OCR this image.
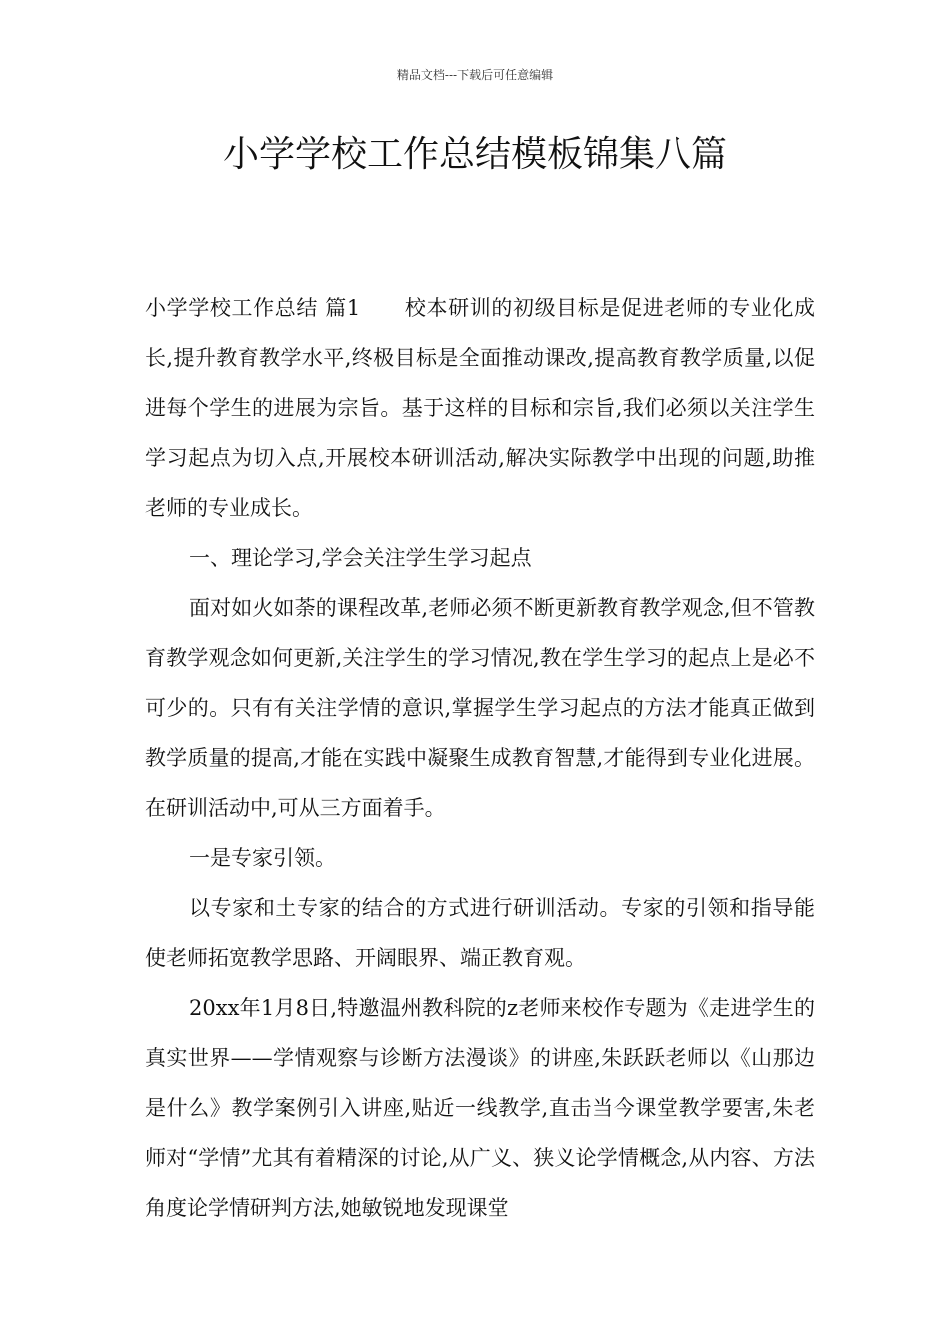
精品文档---下载后可任意编辑
小学学校工作总结模板锦集八篇

小学学校工作总结 篇1 校本研训的初级目标是促进老师的专业化成长,提升教育教学水平,终极目标是全面推动课改,提高教育教学质量,以促进每个学生的进展为宗旨。基于这样的目标和宗旨,我们必须以关注学生学习起点为切入点,开展校本研训活动,解决实际教学中出现的问题,助推老师的专业成长。

一、理论学习,学会关注学生学习起点

面对如火如荼的课程改革,老师必须不断更新教育教学观念,但不管教育教学观念如何更新,关注学生的学习情况,教在学生学习的起点上是必不可少的。只有有关注学情的意识,掌握学生学习起点的方法才能真正做到教学质量的提高,才能在实践中凝聚生成教育智慧,才能得到专业化进展。在研训活动中,可从三方面着手。

一是专家引领。

以专家和土专家的结合的方式进行研训活动。专家的引领和指导能使老师拓宽教学思路、开阔眼界、端正教育观。

20xx年1月8日,特邀温州教科院的z老师来校作专题为《走进学生的真实世界——学情观察与诊断方法漫谈》的讲座,朱跃跃老师以《山那边是什么》教学案例引入讲座,贴近一线教学,直击当今课堂教学要害,朱老师对“学情”尤其有着精深的讨论,从广义、狭义论学情概念,从内容、方法角度论学情研判方法,她敏锐地发现课堂
